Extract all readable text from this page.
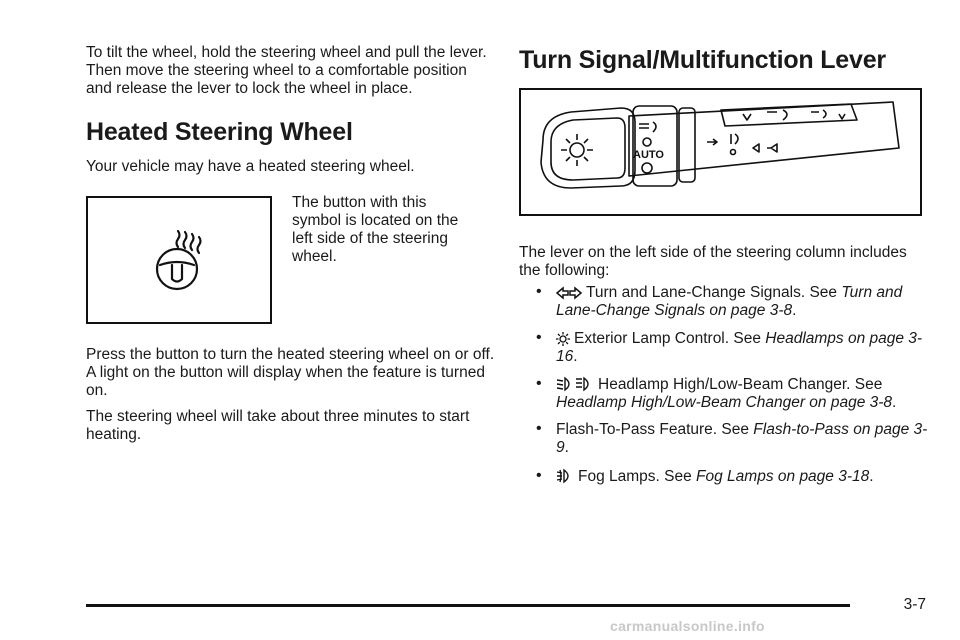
To tilt the wheel, hold the steering wheel and pull the lever. Then move the steering wheel to a comfortable position and release the lever to lock the wheel in place.

Heated Steering Wheel

Your vehicle may have a heated steering wheel.

The button with this symbol is located on the left side of the steering wheel.

Press the button to turn the heated steering wheel on or off. A light on the button will display when the feature is turned on.

The steering wheel will take about three minutes to start heating.

Turn Signal/Multifunction Lever
AUTO

The lever on the left side of the steering column includes the following:

•	Turn and Lane-Change Signals. See Turn and Lane-Change Signals on page 3-8.
•	Exterior Lamp Control. See Headlamps on page 3-16.
•	Headlamp High/Low-Beam Changer. See Headlamp High/Low-Beam Changer on page 3-8.
• Flash-To-Pass Feature. See Flash-to-Pass on page 3-9.
•	Fog Lamps. See Fog Lamps on page 3-18.
3-7
carmanualsonline.info
